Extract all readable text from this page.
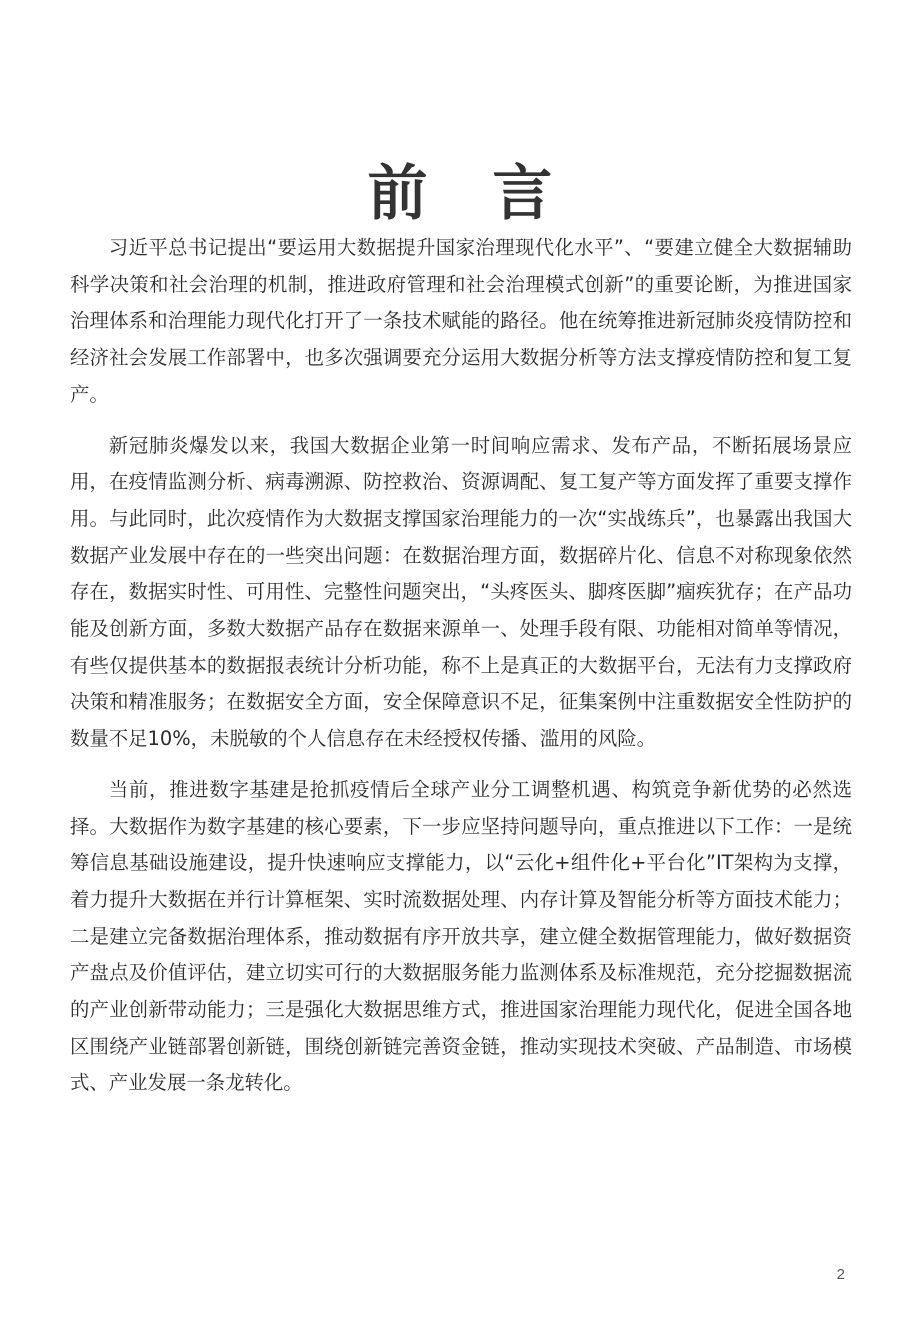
前 言

习近平总书记提出“要运用大数据提升国家治理现代化水平”、“要建立健全大数据辅助科学决策和社会治理的机制，推进政府管理和社会治理模式创新”的重要论断，为推进国家治理体系和治理能力现代化打开了一条技术赋能的路径。他在统筹推进新冠肺炎疫情防控和经济社会发展工作部署中，也多次强调要充分运用大数据分析等方法支撑疫情防控和复工复产。

新冠肺炎爆发以来，我国大数据企业第一时间响应需求、发布产品，不断拓展场景应用，在疫情监测分析、病毒溯源、防控救治、资源调配、复工复产等方面发挥了重要支撑作用。与此同时，此次疫情作为大数据支撑国家治理能力的一次“实战练兵”，也暴露出我国大数据产业发展中存在的一些突出问题：在数据治理方面，数据碎片化、信息不对称现象依然存在，数据实时性、可用性、完整性问题突出，“头疼医头、脚疼医脚”痼疾犹存；在产品功能及创新方面，多数大数据产品存在数据来源单一、处理手段有限、功能相对简单等情况，有些仅提供基本的数据报表统计分析功能，称不上是真正的大数据平台，无法有力支撑政府决策和精准服务；在数据安全方面，安全保障意识不足，征集案例中注重数据安全性防护的数量不足10%，未脱敏的个人信息存在未经授权传播、滥用的风险。

当前，推进数字基建是抢抓疫情后全球产业分工调整机遇、构筑竞争新优势的必然选择。大数据作为数字基建的核心要素，下一步应坚持问题导向，重点推进以下工作：一是统筹信息基础设施建设，提升快速响应支撑能力，以“云化+组件化+平台化”IT架构为支撑，着力提升大数据在并行计算框架、实时流数据处理、内存计算及智能分析等方面技术能力；二是建立完备数据治理体系，推动数据有序开放共享，建立健全数据管理能力，做好数据资产盘点及价值评估，建立切实可行的大数据服务能力监测体系及标准规范，充分挖掘数据流的产业创新带动能力；三是强化大数据思维方式，推进国家治理能力现代化，促进全国各地区围绕产业链部署创新链，围绕创新链完善资金链，推动实现技术突破、产品制造、市场模式、产业发展一条龙转化。

2
